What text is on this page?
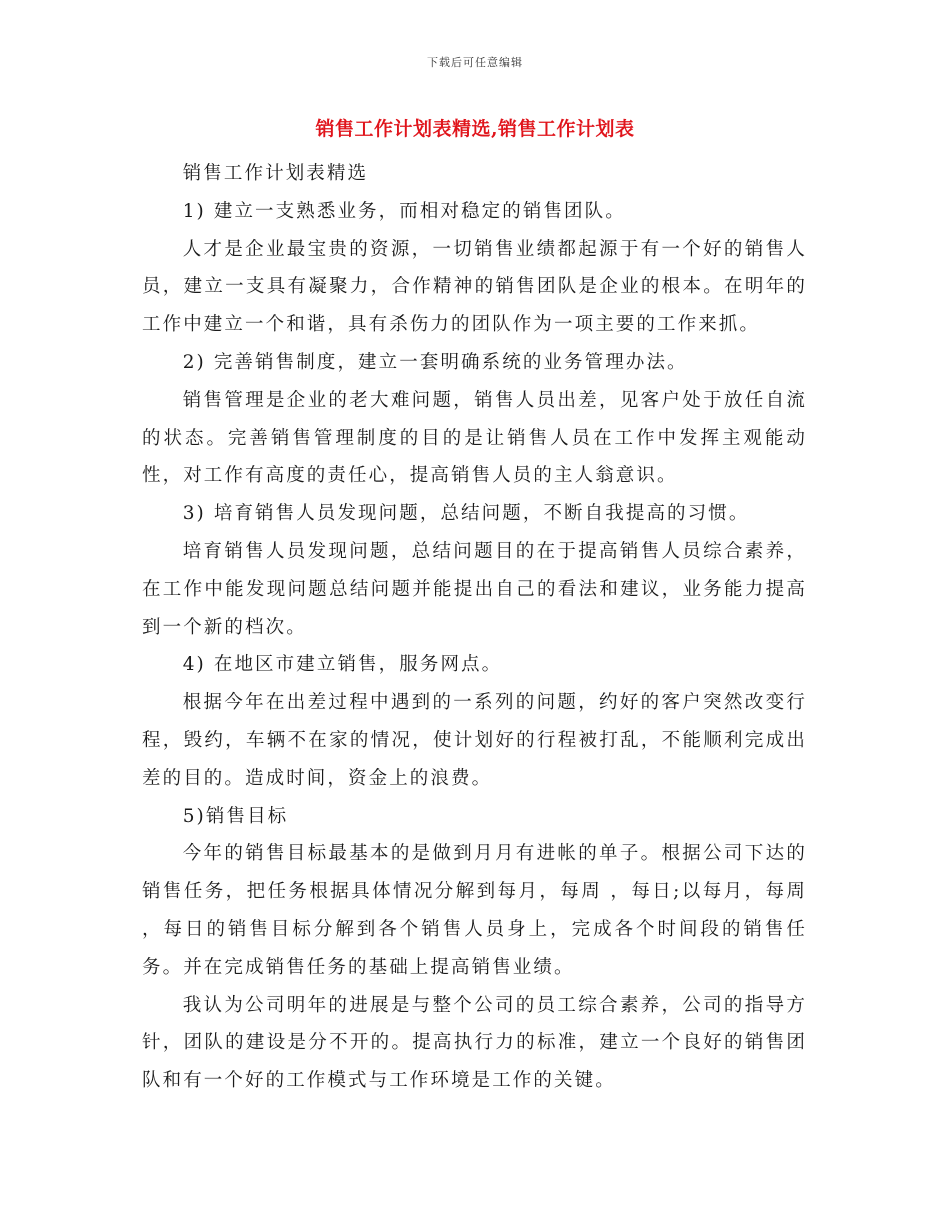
下载后可任意编辑
销售工作计划表精选,销售工作计划表

销售工作计划表精选

1) 建立一支熟悉业务，而相对稳定的销售团队。

人才是企业最宝贵的资源，一切销售业绩都起源于有一个好的销售人员，建立一支具有凝聚力，合作精神的销售团队是企业的根本。在明年的工作中建立一个和谐，具有杀伤力的团队作为一项主要的工作来抓。

2) 完善销售制度，建立一套明确系统的业务管理办法。

销售管理是企业的老大难问题，销售人员出差，见客户处于放任自流的状态。完善销售管理制度的目的是让销售人员在工作中发挥主观能动性，对工作有高度的责任心，提高销售人员的主人翁意识。

3) 培育销售人员发现问题，总结问题，不断自我提高的习惯。

培育销售人员发现问题，总结问题目的在于提高销售人员综合素养，在工作中能发现问题总结问题并能提出自己的看法和建议，业务能力提高到一个新的档次。

4) 在地区市建立销售，服务网点。

根据今年在出差过程中遇到的一系列的问题，约好的客户突然改变行程，毁约，车辆不在家的情况，使计划好的行程被打乱，不能顺利完成出差的目的。造成时间，资金上的浪费。

5)销售目标

今年的销售目标最基本的是做到月月有进帐的单子。根据公司下达的销售任务，把任务根据具体情况分解到每月，每周 ，每日;以每月，每周 ，每日的销售目标分解到各个销售人员身上，完成各个时间段的销售任务。并在完成销售任务的基础上提高销售业绩。

我认为公司明年的进展是与整个公司的员工综合素养，公司的指导方针，团队的建设是分不开的。提高执行力的标准，建立一个良好的销售团队和有一个好的工作模式与工作环境是工作的关键。
